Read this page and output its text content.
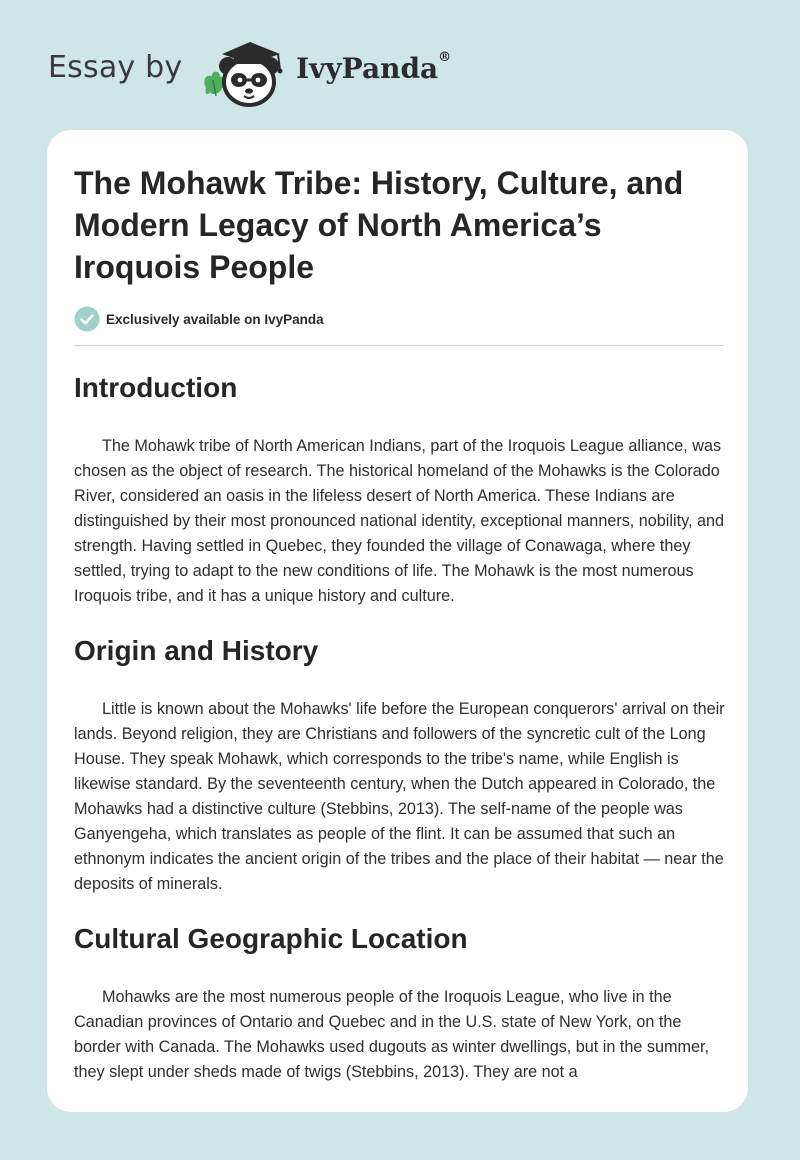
Essay by	IvyPanda®
The Mohawk Tribe: History, Culture, and Modern Legacy of North America’s Iroquois People
Exclusively available on IvyPanda
Introduction

The Mohawk tribe of North American Indians, part of the Iroquois League alliance, was chosen as the object of research. The historical homeland of the Mohawks is the Colorado River, considered an oasis in the lifeless desert of North America. These Indians are distinguished by their most pronounced national identity, exceptional manners, nobility, and strength. Having settled in Quebec, they founded the village of Conawaga, where they settled, trying to adapt to the new conditions of life. The Mohawk is the most numerous Iroquois tribe, and it has a unique history and culture.

Origin and History

Little is known about the Mohawks' life before the European conquerors' arrival on their lands. Beyond religion, they are Christians and followers of the syncretic cult of the Long House. They speak Mohawk, which corresponds to the tribe's name, while English is likewise standard. By the seventeenth century, when the Dutch appeared in Colorado, the Mohawks had a distinctive culture (Stebbins, 2013). The self-name of the people was Ganyengeha, which translates as people of the flint. It can be assumed that such an ethnonym indicates the ancient origin of the tribes and the place of their habitat — near the deposits of minerals.

Cultural Geographic Location

Mohawks are the most numerous people of the Iroquois League, who live in the Canadian provinces of Ontario and Quebec and in the U.S. state of New York, on the border with Canada. The Mohawks used dugouts as winter dwellings, but in the summer, they slept under sheds made of twigs (Stebbins, 2013). They are not a
